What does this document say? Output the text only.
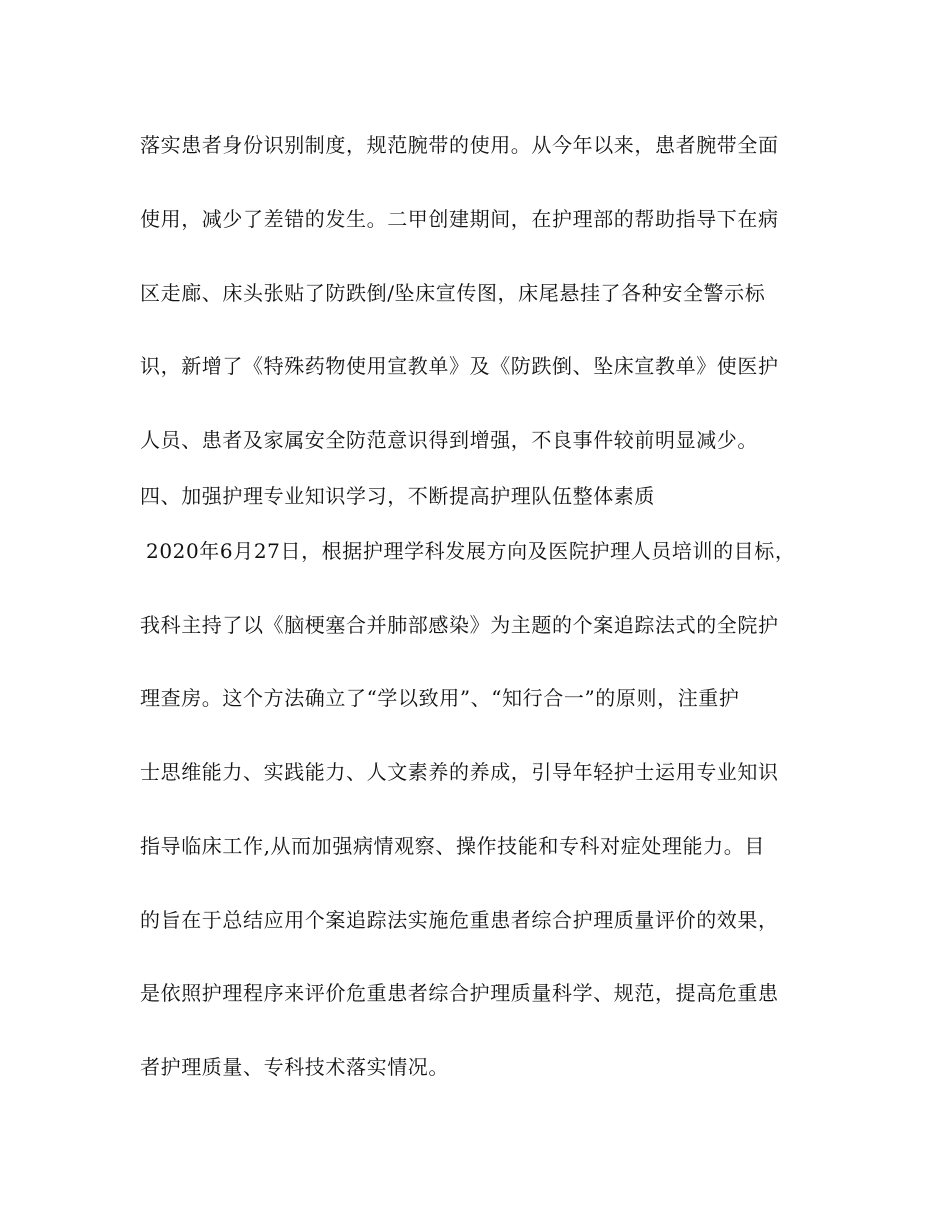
落实患者身份识别制度，规范腕带的使用。从今年以来，患者腕带全面
使用，减少了差错的发生。二甲创建期间，在护理部的帮助指导下在病
区走廊、床头张贴了防跌倒/坠床宣传图，床尾悬挂了各种安全警示标
识，新增了《特殊药物使用宣教单》及《防跌倒、坠床宣教单》使医护
人员、患者及家属安全防范意识得到增强，不良事件较前明显减少。
四、加强护理专业知识学习，不断提高护理队伍整体素质
2020年6月27日，根据护理学科发展方向及医院护理人员培训的目标，
我科主持了以《脑梗塞合并肺部感染》为主题的个案追踪法式的全院护
理查房。这个方法确立了“学以致用”、“知行合一”的原则，注重护
士思维能力、实践能力、人文素养的养成，引导年轻护士运用专业知识
指导临床工作,从而加强病情观察、操作技能和专科对症处理能力。目
的旨在于总结应用个案追踪法实施危重患者综合护理质量评价的效果，
是依照护理程序来评价危重患者综合护理质量科学、规范，提高危重患
者护理质量、专科技术落实情况。
